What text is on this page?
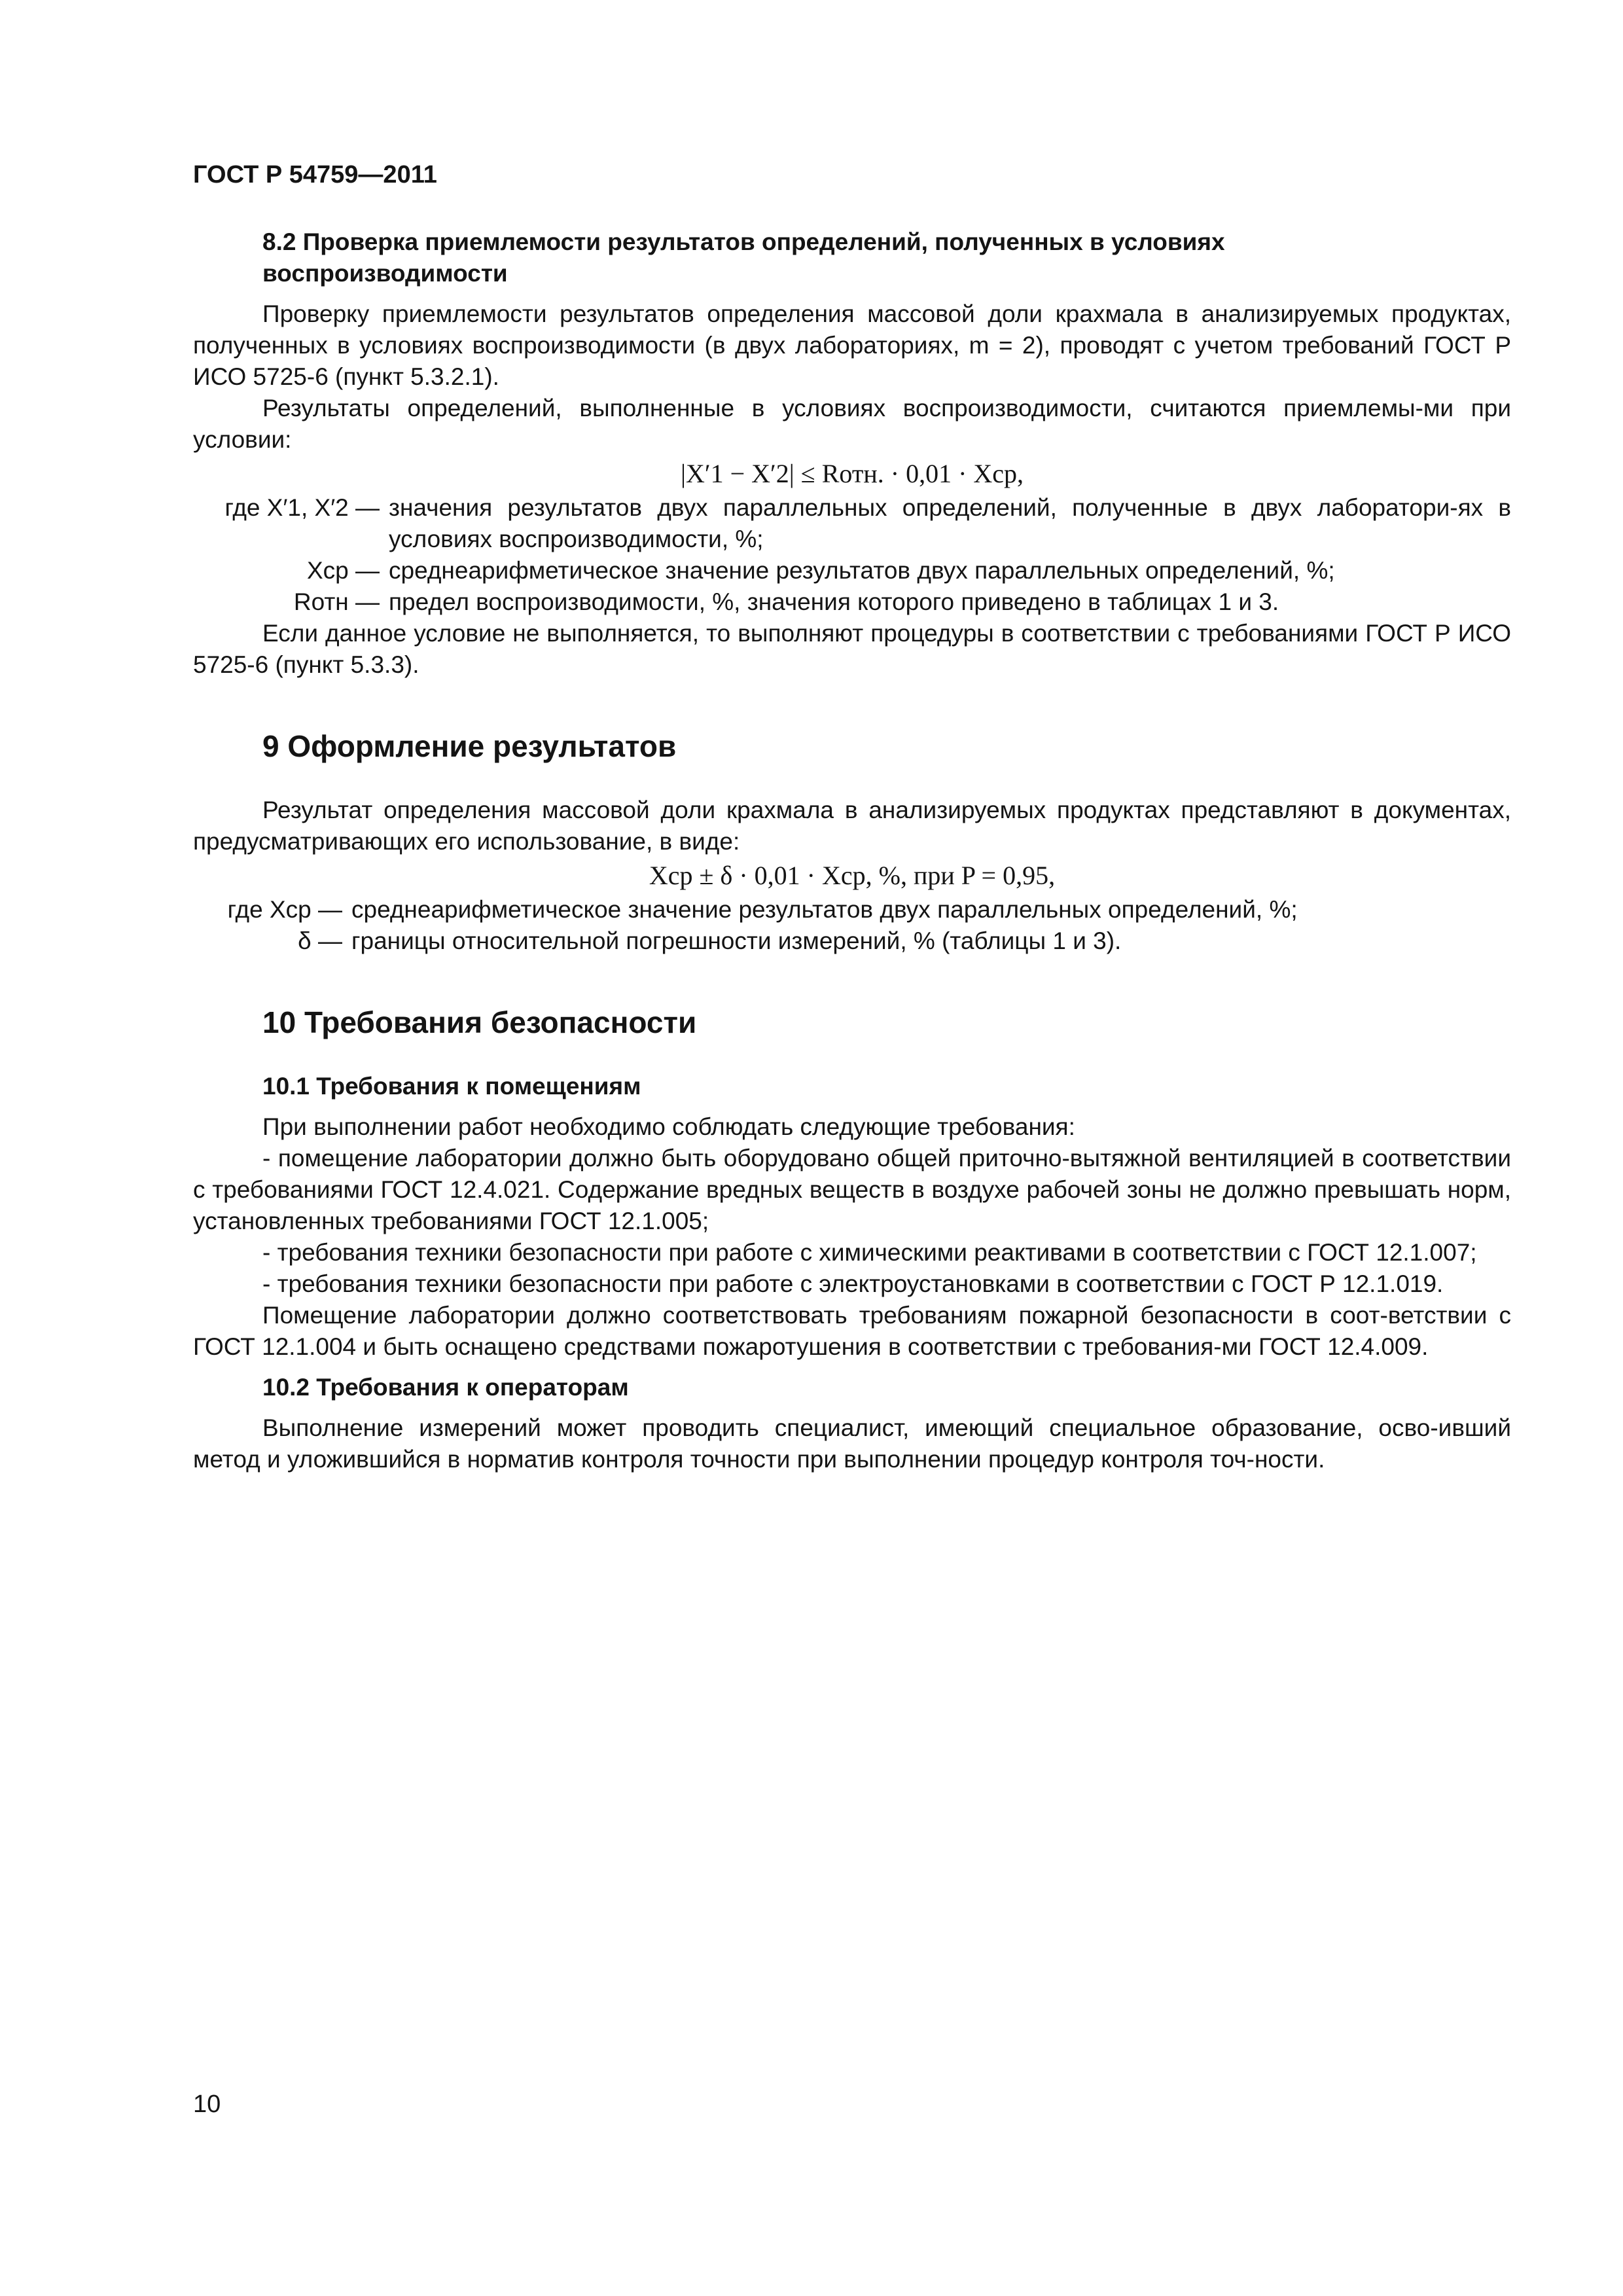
ГОСТ Р 54759—2011
8.2 Проверка приемлемости результатов определений, полученных в условиях
воспроизводимости

Проверку приемлемости результатов определения массовой доли крахмала в анализируемых продуктах, полученных в условиях воспроизводимости (в двух лабораториях, m = 2), проводят с учетом требований ГОСТ Р ИСО 5725-6 (пункт 5.3.2.1).

Результаты определений, выполненные в условиях воспроизводимости, считаются приемлемы-ми при условии:

|X′1 − X′2| ≤ Rотн. · 0,01 · Xср,
где X′1, X′2 — значения результатов двух параллельных определений, полученные в двух лаборатори-ях в условиях воспроизводимости, %;
Xср — среднеарифметическое значение результатов двух параллельных определений, %;
Rотн — предел воспроизводимости, %, значения которого приведено в таблицах 1 и 3.

Если данное условие не выполняется, то выполняют процедуры в соответствии с требованиями ГОСТ Р ИСО 5725-6 (пункт 5.3.3).

9 Оформление результатов

Результат определения массовой доли крахмала в анализируемых продуктах представляют в документах, предусматривающих его использование, в виде:

Xср ± δ · 0,01 · Xср, %, при P = 0,95,
где Xср — среднеарифметическое значение результатов двух параллельных определений, %;
δ — границы относительной погрешности измерений, % (таблицы 1 и 3).
10 Требования безопасности
10.1 Требования к помещениям

При выполнении работ необходимо соблюдать следующие требования:

- помещение лаборатории должно быть оборудовано общей приточно-вытяжной вентиляцией в соответствии с требованиями ГОСТ 12.4.021. Содержание вредных веществ в воздухе рабочей зоны не должно превышать норм, установленных требованиями ГОСТ 12.1.005;

- требования техники безопасности при работе с химическими реактивами в соответствии с ГОСТ 12.1.007;

- требования техники безопасности при работе с электроустановками в соответствии с ГОСТ Р 12.1.019.

Помещение лаборатории должно соответствовать требованиям пожарной безопасности в соот-ветствии с ГОСТ 12.1.004 и быть оснащено средствами пожаротушения в соответствии с требования-ми ГОСТ 12.4.009.

10.2 Требования к операторам

Выполнение измерений может проводить специалист, имеющий специальное образование, осво-ивший метод и уложившийся в норматив контроля точности при выполнении процедур контроля точ-ности.

10
